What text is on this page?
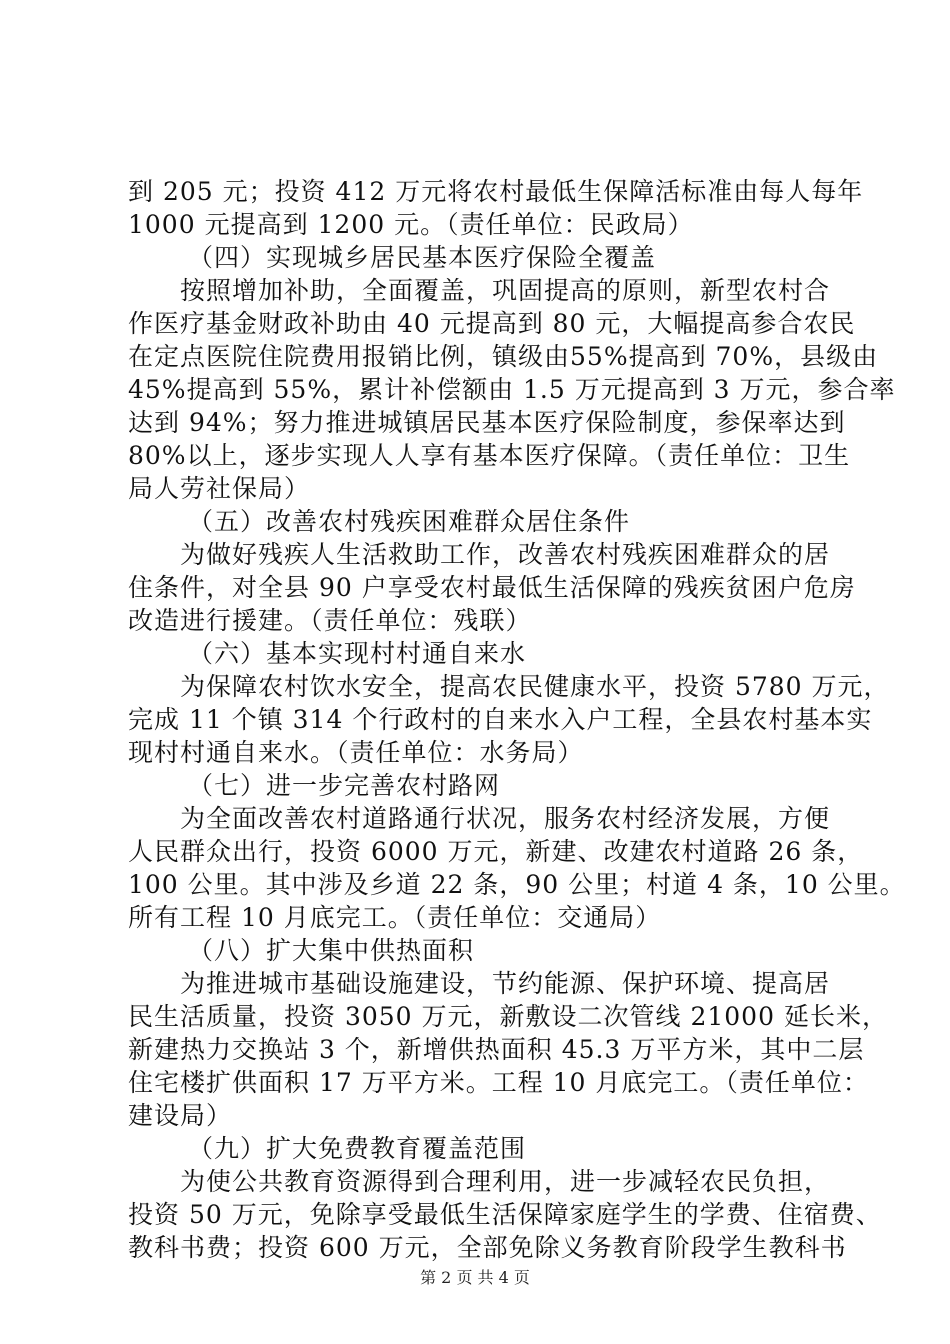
到 205 元；投资 412 万元将农村最低生保障活标准由每人每年
1000 元提高到 1200 元。（责任单位：民政局）
（四）实现城乡居民基本医疗保险全覆盖
按照增加补助，全面覆盖，巩固提高的原则，新型农村合
作医疗基金财政补助由 40 元提高到 80 元，大幅提高参合农民
在定点医院住院费用报销比例，镇级由55%提高到 70%，县级由
45%提高到 55%，累计补偿额由 1.5 万元提高到 3 万元，参合率
达到 94%；努力推进城镇居民基本医疗保险制度，参保率达到
80%以上，逐步实现人人享有基本医疗保障。（责任单位：卫生
局人劳社保局）
（五）改善农村残疾困难群众居住条件
为做好残疾人生活救助工作，改善农村残疾困难群众的居
住条件，对全县 90 户享受农村最低生活保障的残疾贫困户危房
改造进行援建。（责任单位：残联）
（六）基本实现村村通自来水
为保障农村饮水安全，提高农民健康水平，投资 5780 万元，
完成 11 个镇 314 个行政村的自来水入户工程，全县农村基本实
现村村通自来水。（责任单位：水务局）
（七）进一步完善农村路网
为全面改善农村道路通行状况，服务农村经济发展，方便
人民群众出行，投资 6000 万元，新建、改建农村道路 26 条，
100 公里。其中涉及乡道 22 条，90 公里；村道 4 条，10 公里。
所有工程 10 月底完工。（责任单位：交通局）
（八）扩大集中供热面积
为推进城市基础设施建设，节约能源、保护环境、提高居
民生活质量，投资 3050 万元，新敷设二次管线 21000 延长米，
新建热力交换站 3 个，新增供热面积 45.3 万平方米，其中二层
住宅楼扩供面积 17 万平方米。工程 10 月底完工。（责任单位：
建设局）
（九）扩大免费教育覆盖范围
为使公共教育资源得到合理利用，进一步减轻农民负担，
投资 50 万元，免除享受最低生活保障家庭学生的学费、住宿费、
教科书费；投资 600 万元，全部免除义务教育阶段学生教科书
第 2 页 共 4 页
